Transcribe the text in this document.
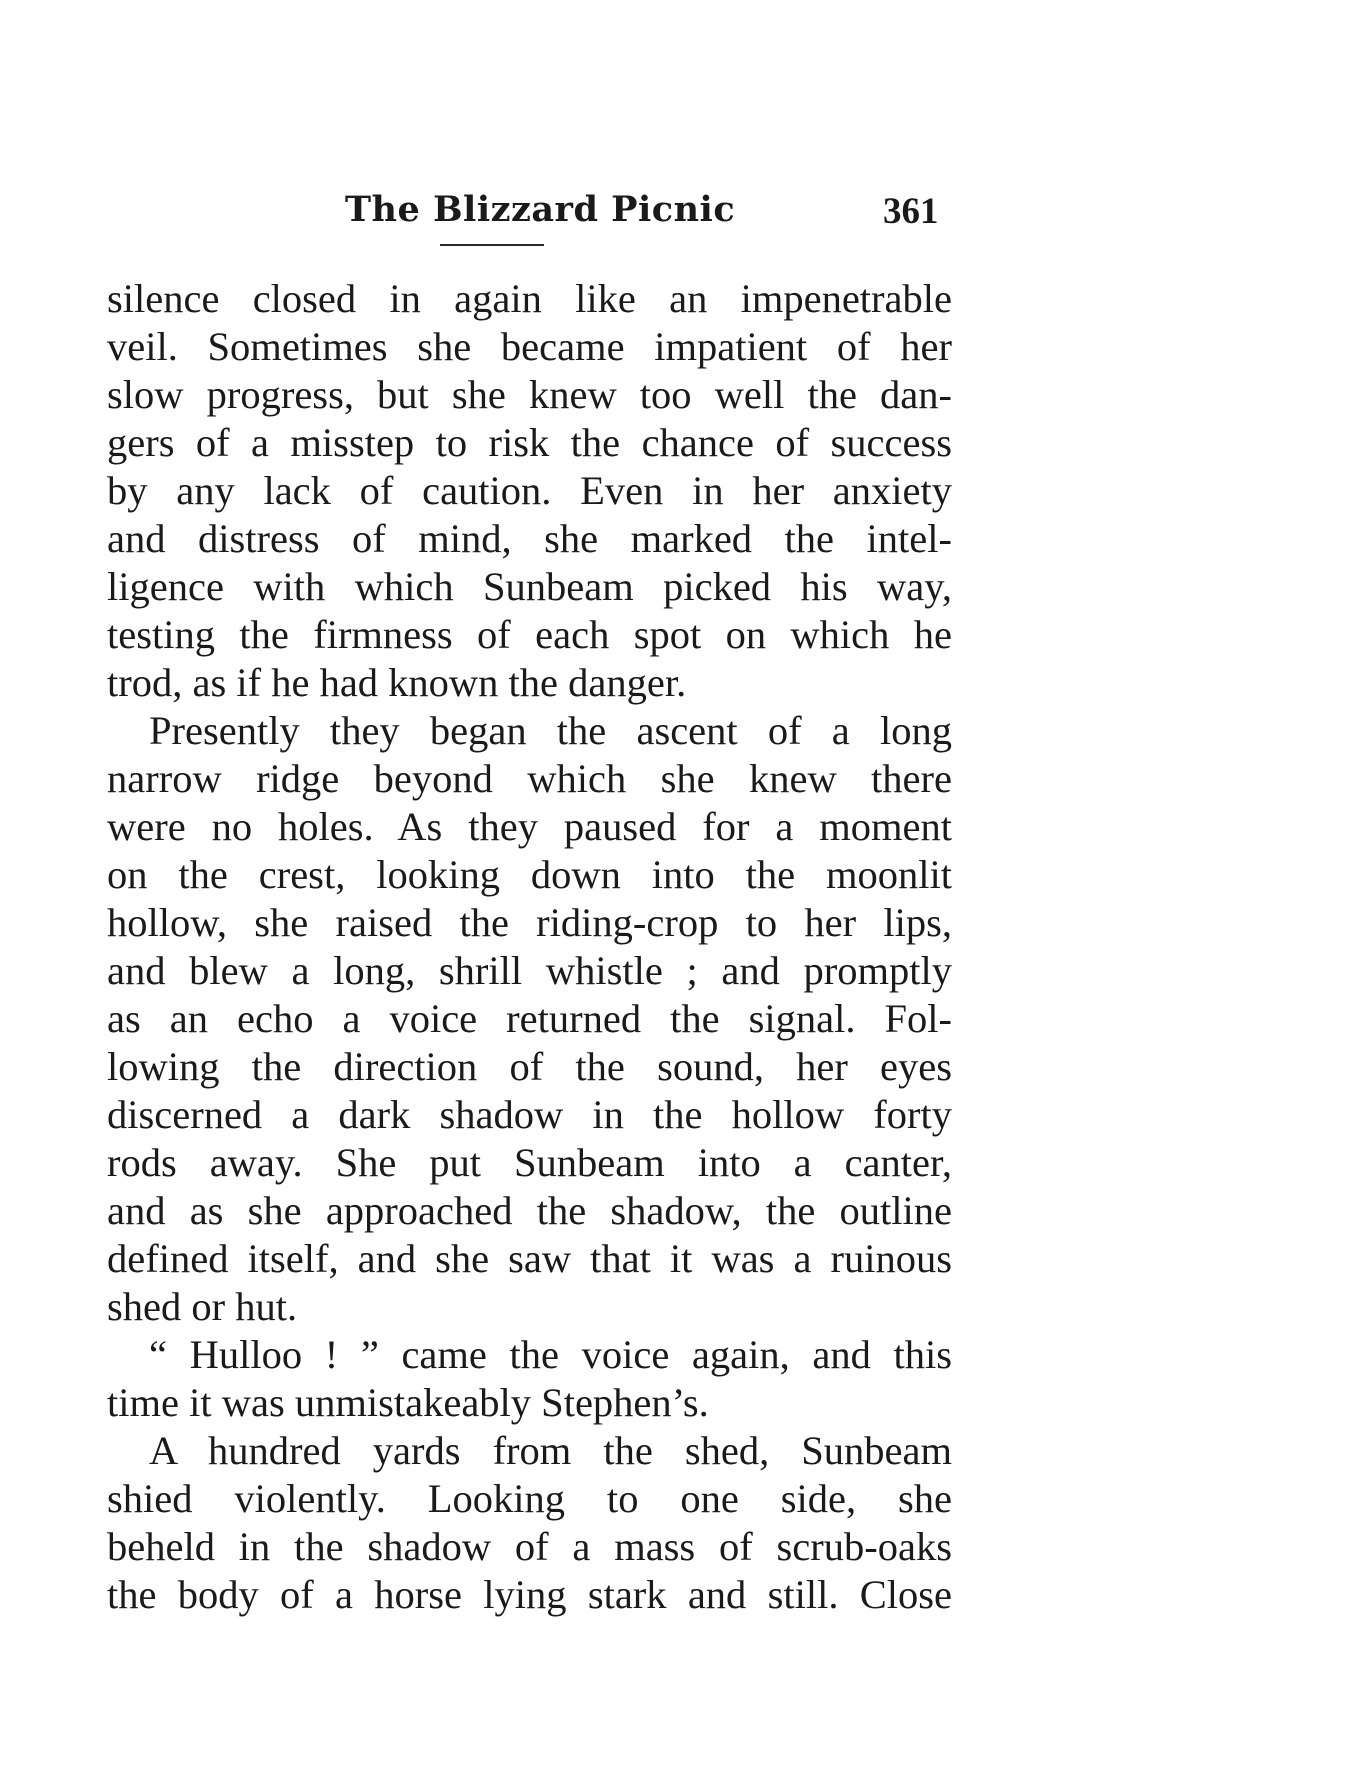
The Blizzard Picnic	361
silence closed in again like an impenetrable
veil. Sometimes she became impatient of her
slow progress, but she knew too well the dan-
gers of a misstep to risk the chance of success
by any lack of caution. Even in her anxiety
and distress of mind, she marked the intel-
ligence with which Sunbeam picked his way,
testing the firmness of each spot on which he
trod, as if he had known the danger.
Presently they began the ascent of a long
narrow ridge beyond which she knew there
were no holes. As they paused for a moment
on the crest, looking down into the moonlit
hollow, she raised the riding-crop to her lips,
and blew a long, shrill whistle ; and promptly
as an echo a voice returned the signal. Fol-
lowing the direction of the sound, her eyes
discerned a dark shadow in the hollow forty
rods away. She put Sunbeam into a canter,
and as she approached the shadow, the outline
defined itself, and she saw that it was a ruinous
shed or hut.
“ Hulloo ! ” came the voice again, and this
time it was unmistakeably Stephen’s.
A hundred yards from the shed, Sunbeam
shied violently. Looking to one side, she
beheld in the shadow of a mass of scrub-oaks
the body of a horse lying stark and still. Close
